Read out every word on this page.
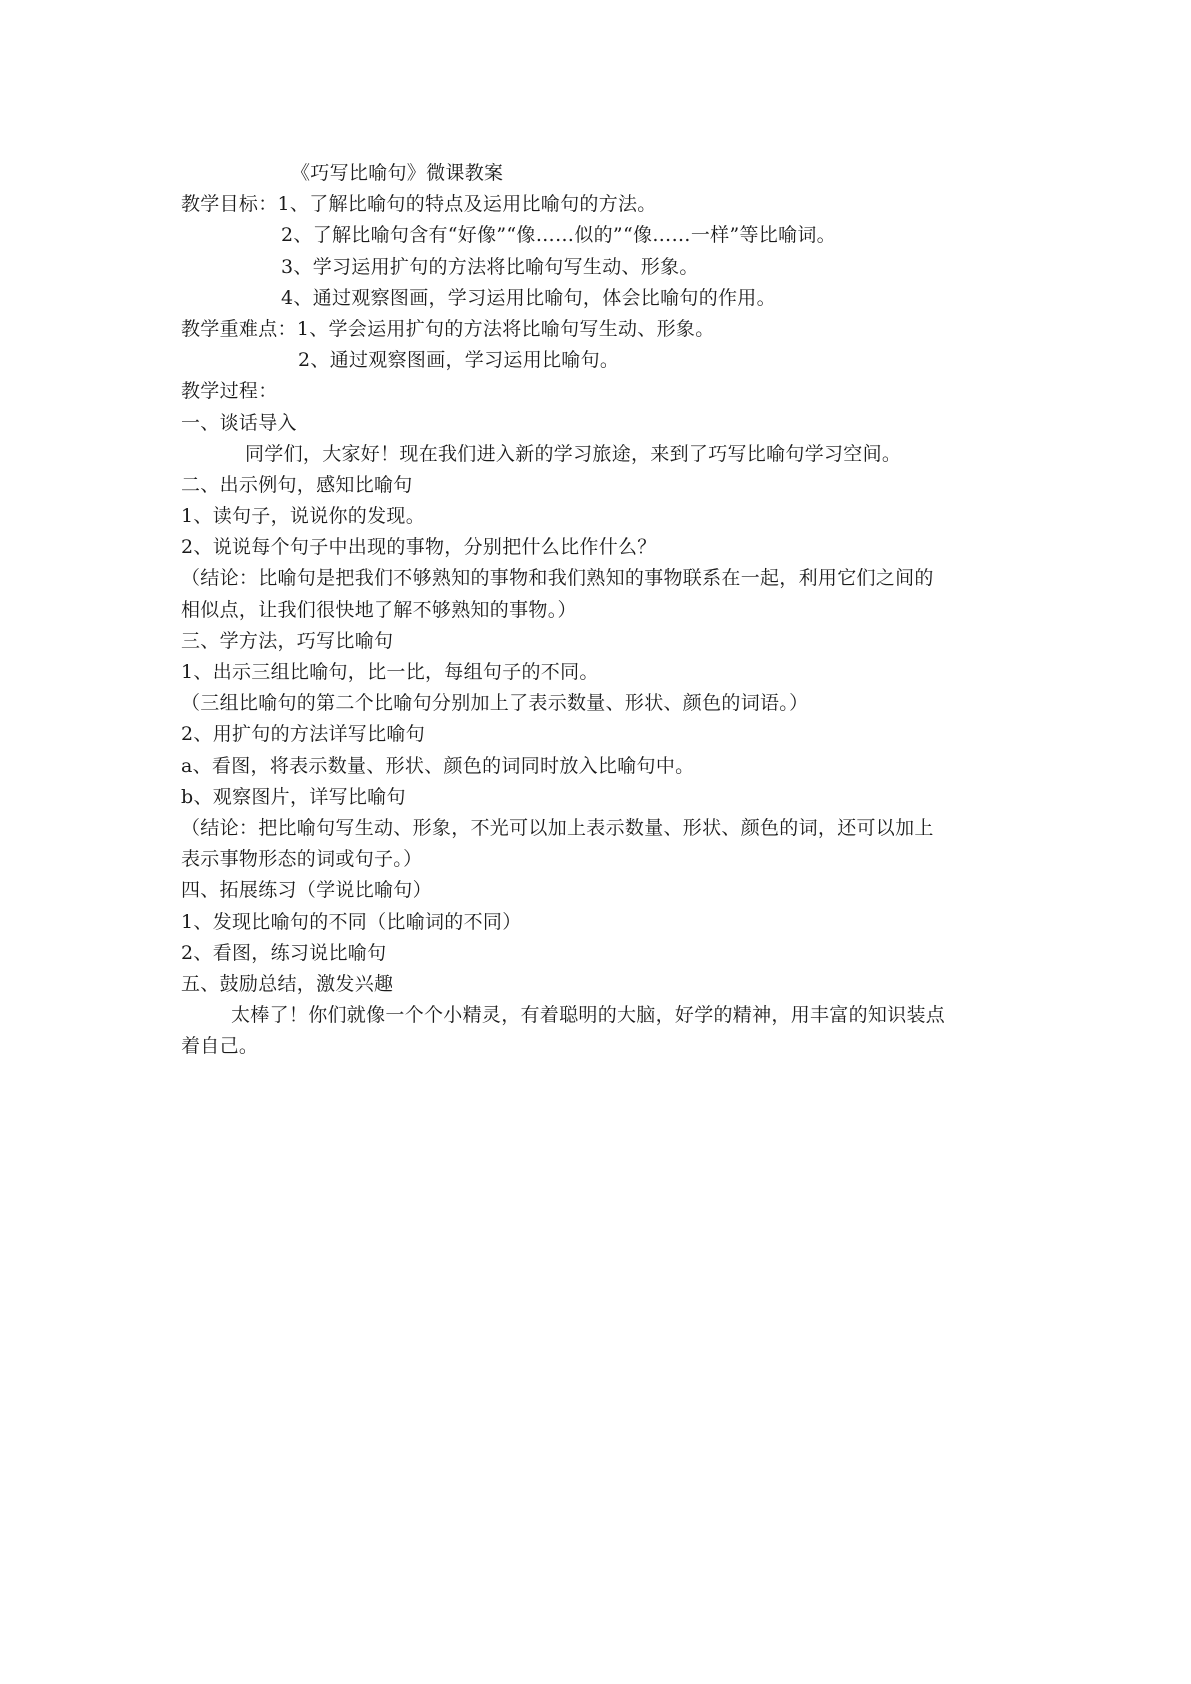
《巧写比喻句》微课教案
教学目标：1、了解比喻句的特点及运用比喻句的方法。
2、了解比喻句含有“好像”“像……似的”“像……一样”等比喻词。
3、学习运用扩句的方法将比喻句写生动、形象。
4、通过观察图画，学习运用比喻句，体会比喻句的作用。
教学重难点：1、学会运用扩句的方法将比喻句写生动、形象。
2、通过观察图画，学习运用比喻句。
教学过程：
一、谈话导入
同学们，大家好！现在我们进入新的学习旅途，来到了巧写比喻句学习空间。
二、出示例句，感知比喻句
1、读句子，说说你的发现。
2、说说每个句子中出现的事物，分别把什么比作什么？
（结论：比喻句是把我们不够熟知的事物和我们熟知的事物联系在一起，利用它们之间的
相似点，让我们很快地了解不够熟知的事物。）
三、学方法，巧写比喻句
1、出示三组比喻句，比一比，每组句子的不同。
（三组比喻句的第二个比喻句分别加上了表示数量、形状、颜色的词语。）
2、用扩句的方法详写比喻句
a、看图，将表示数量、形状、颜色的词同时放入比喻句中。
b、观察图片，详写比喻句
（结论：把比喻句写生动、形象，不光可以加上表示数量、形状、颜色的词，还可以加上
表示事物形态的词或句子。）
四、拓展练习（学说比喻句）
1、发现比喻句的不同（比喻词的不同）
2、看图，练习说比喻句
五、鼓励总结，激发兴趣
太棒了！你们就像一个个小精灵，有着聪明的大脑，好学的精神，用丰富的知识装点
着自己。
